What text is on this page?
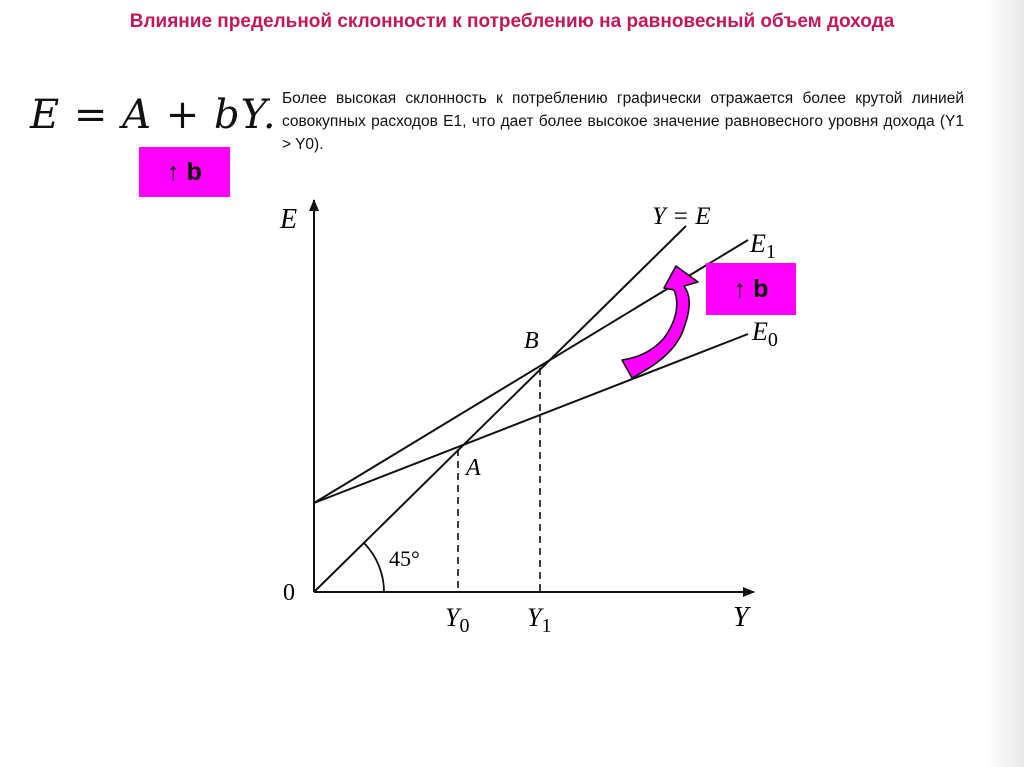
Влияние предельной склонности к потреблению на равновесный объем дохода
E = A + bY.
↑ b
Более высокая склонность к потреблению графически отражается более крутой линией совокупных расходов Е1, что дает более высокое значение равновесного уровня дохода (Y1 > Y0).
E
Y
0
Y = E
$E_1$
$E_0$
B
A
45°
$Y_0$ $Y_1$
↑ b
